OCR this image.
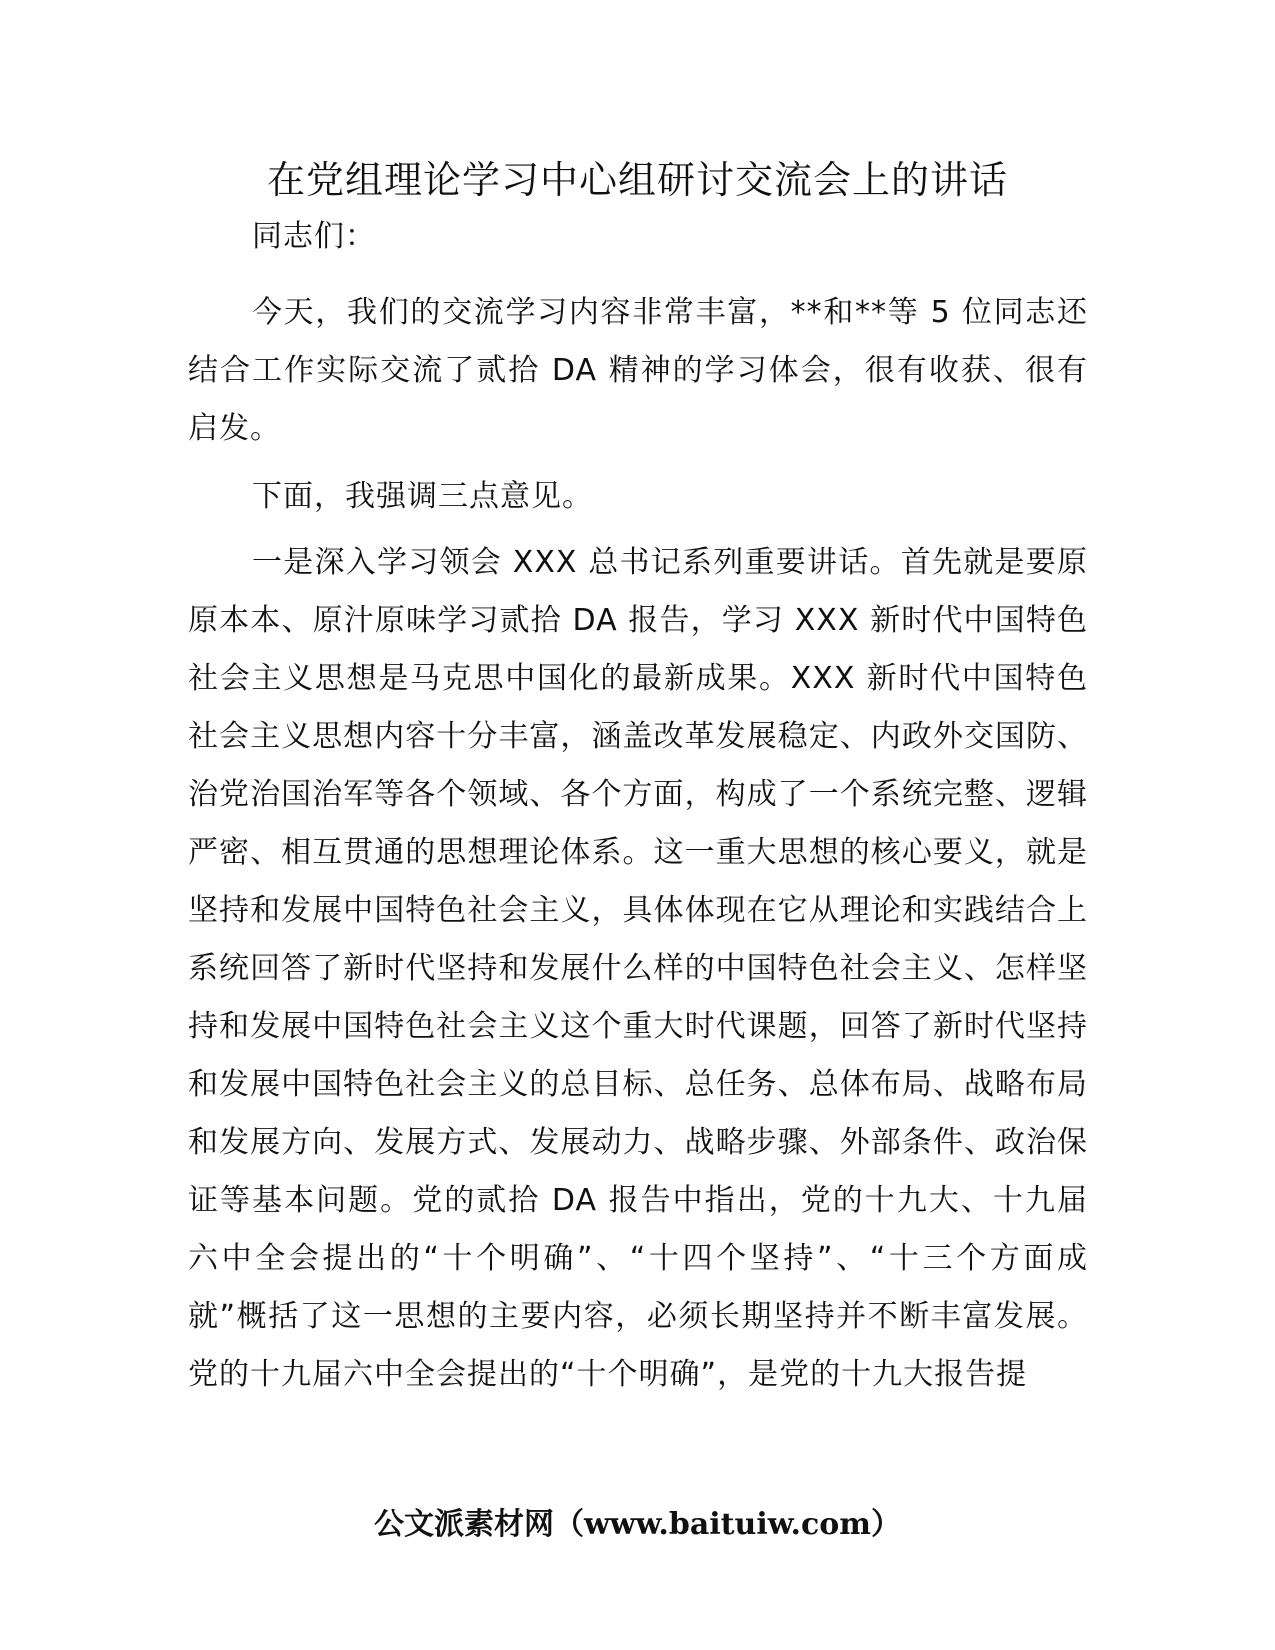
在党组理论学习中心组研讨交流会上的讲话

同志们：

今天，我们的交流学习内容非常丰富，**和**等 5 位同志还结合工作实际交流了贰拾 DA 精神的学习体会，很有收获、很有启发。

下面，我强调三点意见。

一是深入学习领会 XXX 总书记系列重要讲话。首先就是要原原本本、原汁原味学习贰拾 DA 报告，学习 XXX 新时代中国特色社会主义思想是马克思中国化的最新成果。XXX 新时代中国特色社会主义思想内容十分丰富，涵盖改革发展稳定、内政外交国防、治党治国治军等各个领域、各个方面，构成了一个系统完整、逻辑严密、相互贯通的思想理论体系。这一重大思想的核心要义，就是坚持和发展中国特色社会主义，具体体现在它从理论和实践结合上系统回答了新时代坚持和发展什么样的中国特色社会主义、怎样坚持和发展中国特色社会主义这个重大时代课题，回答了新时代坚持和发展中国特色社会主义的总目标、总任务、总体布局、战略布局和发展方向、发展方式、发展动力、战略步骤、外部条件、政治保证等基本问题。党的贰拾 DA 报告中指出，党的十九大、十九届六中全会提出的“十个明确”、“十四个坚持”、“十三个方面成就”概括了这一思想的主要内容，必须长期坚持并不断丰富发展。党的十九届六中全会提出的“十个明确”，是党的十九大报告提

公文派素材网（www.baituiw.com）
